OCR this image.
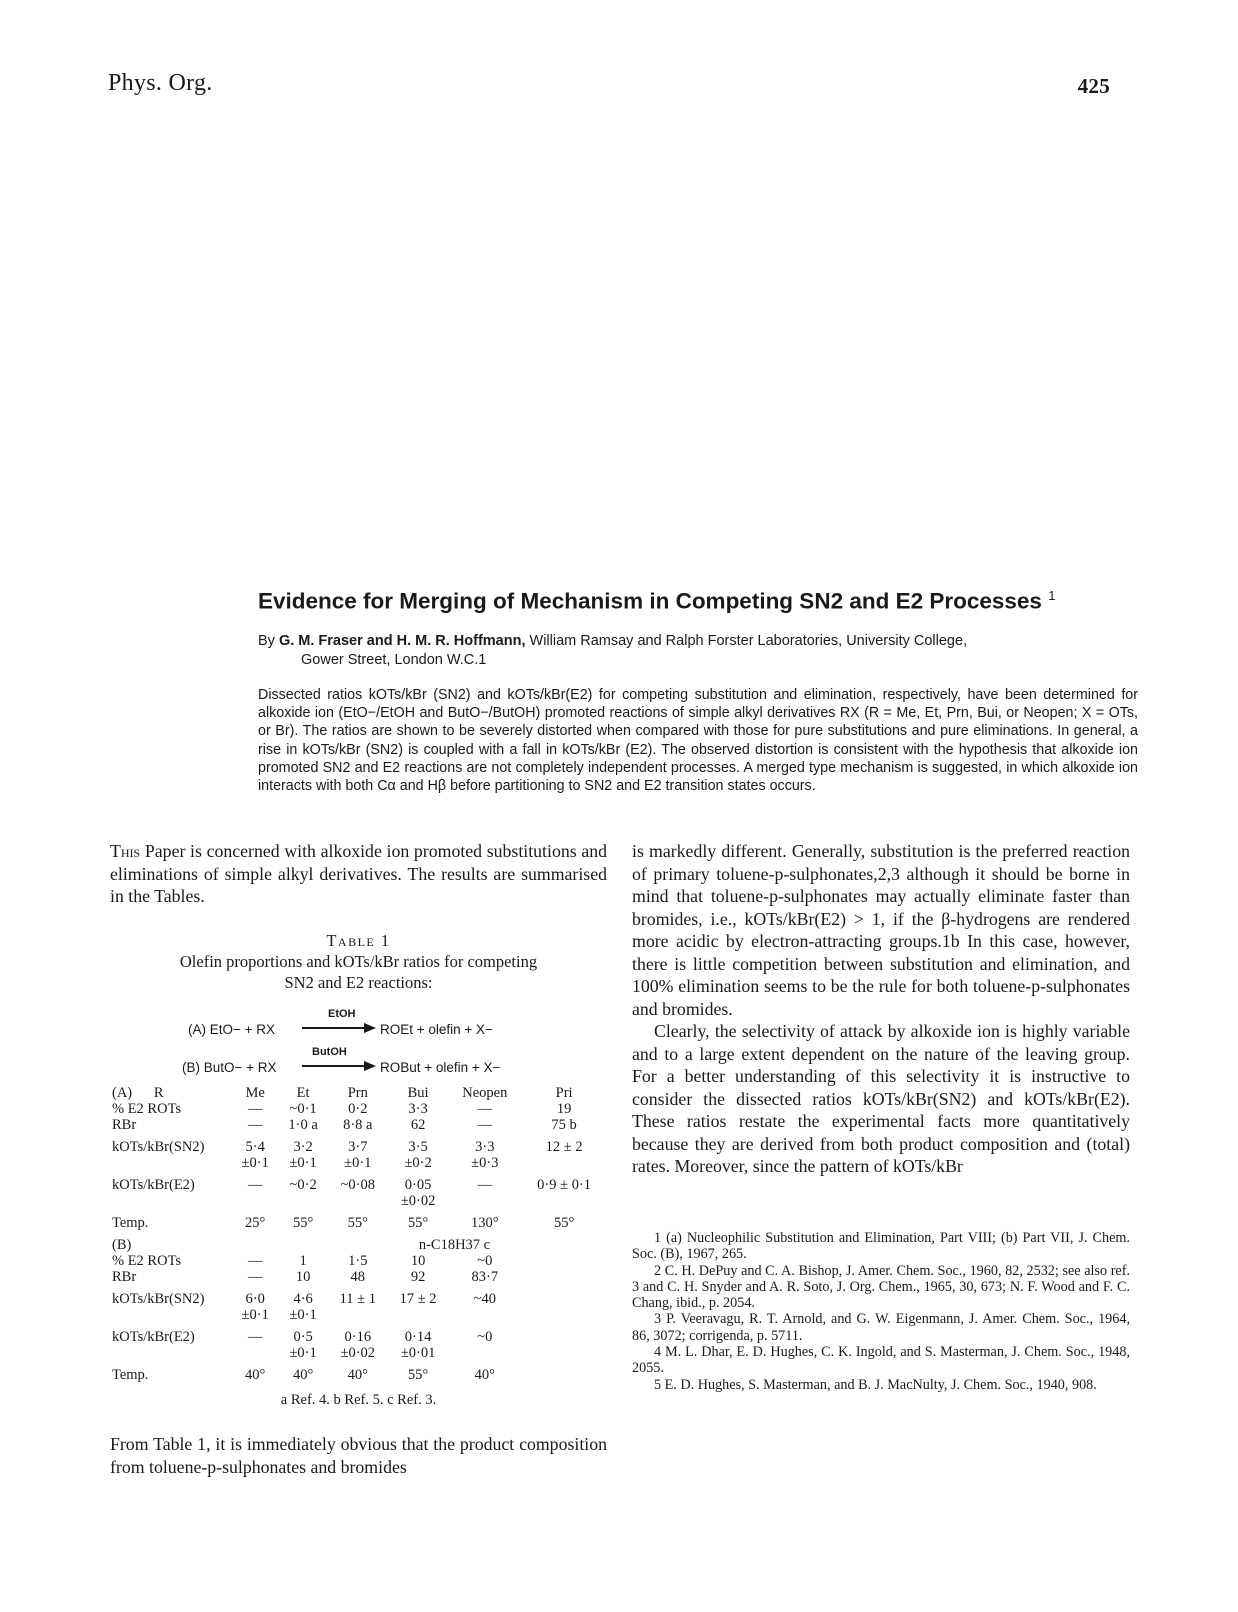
Phys. Org.	425
Evidence for Merging of Mechanism in Competing SN2 and E2 Processes $^1$
By G. M. Fraser and H. M. R. Hoffmann, William Ramsay and Ralph Forster Laboratories, University College,
Gower Street, London W.C.1

Dissected ratios kOTs/kBr (SN2) and kOTs/kBr(E2) for competing substitution and elimination, respectively, have been determined for alkoxide ion (EtO−/EtOH and ButO−/ButOH) promoted reactions of simple alkyl derivatives RX (R = Me, Et, Prn, Bui, or Neopen; X = OTs, or Br). The ratios are shown to be severely distorted when compared with those for pure substitutions and pure eliminations. In general, a rise in kOTs/kBr (SN2) is coupled with a fall in kOTs/kBr (E2). The observed distortion is consistent with the hypothesis that alkoxide ion promoted SN2 and E2 reactions are not completely independent processes. A merged type mechanism is suggested, in which alkoxide ion interacts with both Cα and Hβ before partitioning to SN2 and E2 transition states occurs.

This Paper is concerned with alkoxide ion promoted substitutions and eliminations of simple alkyl derivatives. The results are summarised in the Tables.

Table 1
Olefin proportions and kOTs/kBr ratios for competing
SN2 and E2 reactions:
(A) EtO− + RX
EtOH
ROEt + olefin + X−
(B) ButO− + RX
ButOH
ROBut + olefin + X−
(A) R	Me	Et	Prn	Bui	Neopen	Pri
% E2 ROTs	—	~0·1	0·2	3·3	—	19
RBr	—	1·0 a	8·8 a	62	—	75 b
kOTs/kBr(SN2)	5·4	3·2	3·7	3·5	3·3	12 ± 2
	±0·1	±0·1	±0·1	±0·2	±0·3	
kOTs/kBr(E2)	—	~0·2	~0·08	0·05	—	0·9 ± 0·1
				±0·02		
Temp.	25°	55°	55°	55°	130°	55°
(B)				n-C18H37 c		
% E2 ROTs	—	1	1·5	10	~0	
RBr	—	10	48	92	83·7	
kOTs/kBr(SN2)	6·0	4·6	11 ± 1	17 ± 2	~40	
	±0·1	±0·1				
kOTs/kBr(E2)	—	0·5	0·16	0·14	~0	
		±0·1	±0·02	±0·01		
Temp.	40°	40°	40°	55°	40°	
a Ref. 4. b Ref. 5. c Ref. 3.

From Table 1, it is immediately obvious that the product composition from toluene-p-sulphonates and bromides

is markedly different. Generally, substitution is the preferred reaction of primary toluene-p-sulphonates,2,3 although it should be borne in mind that toluene-p-sulphonates may actually eliminate faster than bromides, i.e., kOTs/kBr(E2) > 1, if the β-hydrogens are rendered more acidic by electron-attracting groups.1b In this case, however, there is little competition between substitution and elimination, and 100% elimination seems to be the rule for both toluene-p-sulphonates and bromides.

Clearly, the selectivity of attack by alkoxide ion is highly variable and to a large extent dependent on the nature of the leaving group. For a better understanding of this selectivity it is instructive to consider the dissected ratios kOTs/kBr(SN2) and kOTs/kBr(E2). These ratios restate the experimental facts more quantitatively because they are derived from both product composition and (total) rates. Moreover, since the pattern of kOTs/kBr

1 (a) Nucleophilic Substitution and Elimination, Part VIII; (b) Part VII, J. Chem. Soc. (B), 1967, 265.

2 C. H. DePuy and C. A. Bishop, J. Amer. Chem. Soc., 1960, 82, 2532; see also ref. 3 and C. H. Snyder and A. R. Soto, J. Org. Chem., 1965, 30, 673; N. F. Wood and F. C. Chang, ibid., p. 2054.

3 P. Veeravagu, R. T. Arnold, and G. W. Eigenmann, J. Amer. Chem. Soc., 1964, 86, 3072; corrigenda, p. 5711.

4 M. L. Dhar, E. D. Hughes, C. K. Ingold, and S. Masterman, J. Chem. Soc., 1948, 2055.

5 E. D. Hughes, S. Masterman, and B. J. MacNulty, J. Chem. Soc., 1940, 908.
